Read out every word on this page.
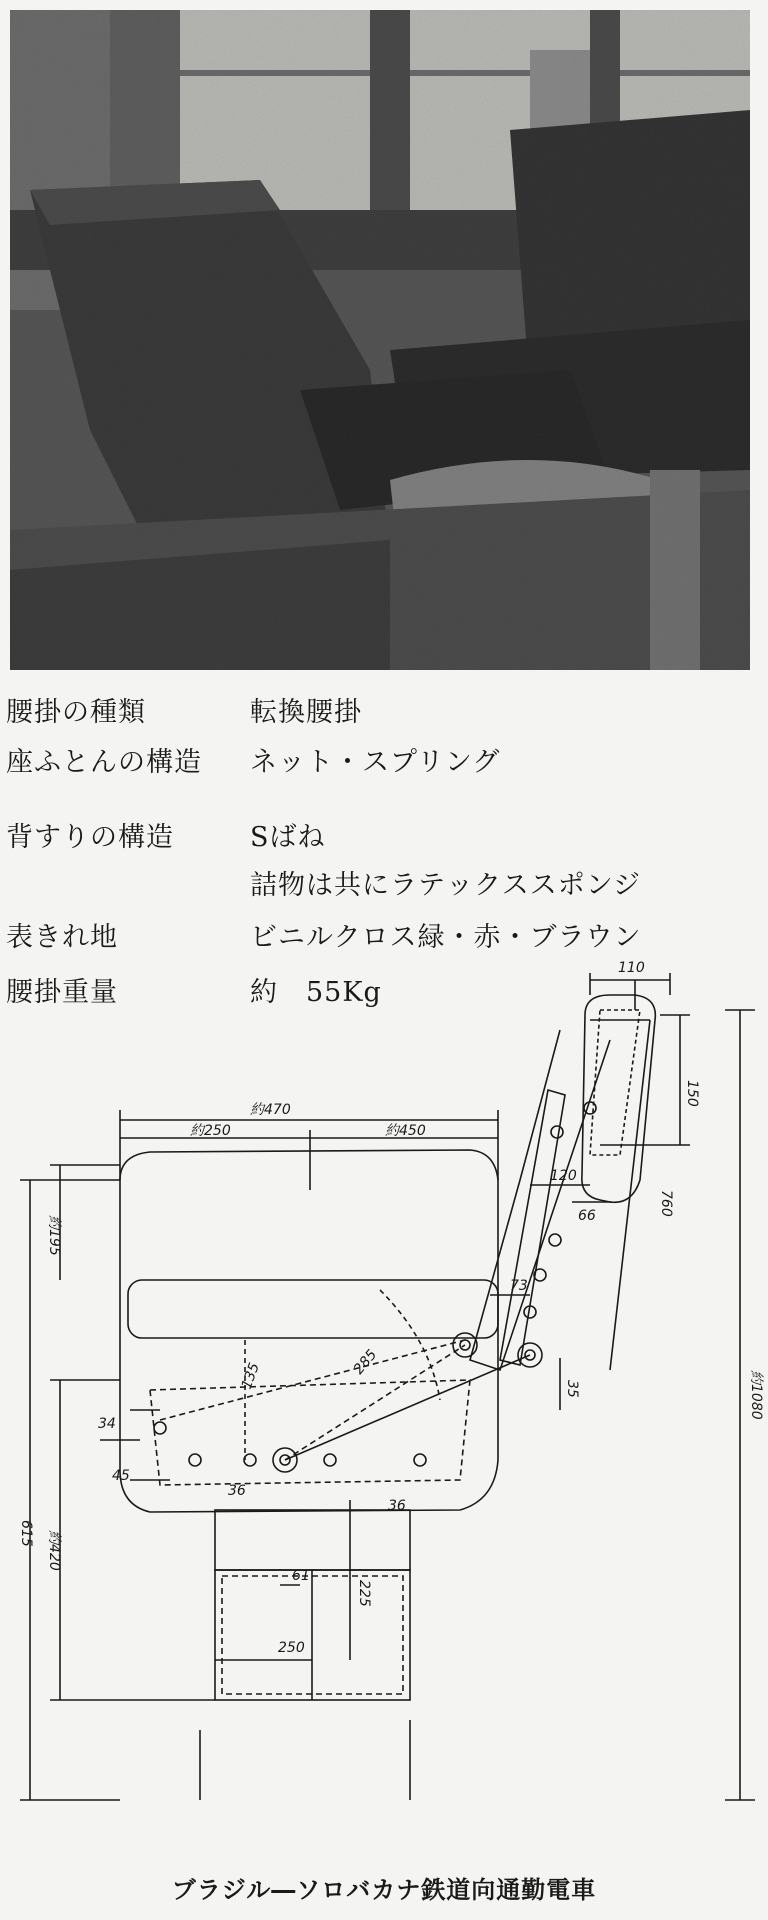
腰掛の種類	転換腰掛
座ふとんの構造 ネット・スプリング
背すりの構造	Sばね
詰物は共にラテックススポンジ
表きれ地	ビニルクロス緑・赤・ブラウン
腰掛重量	約　55Kg
110
150
66
約470
約250	約450
120
760
約1080
約195
73
135	285
615 約420
34
45
36
36
35
61
225
250
ブラジル―ソロバカナ鉄道向通勤電車
